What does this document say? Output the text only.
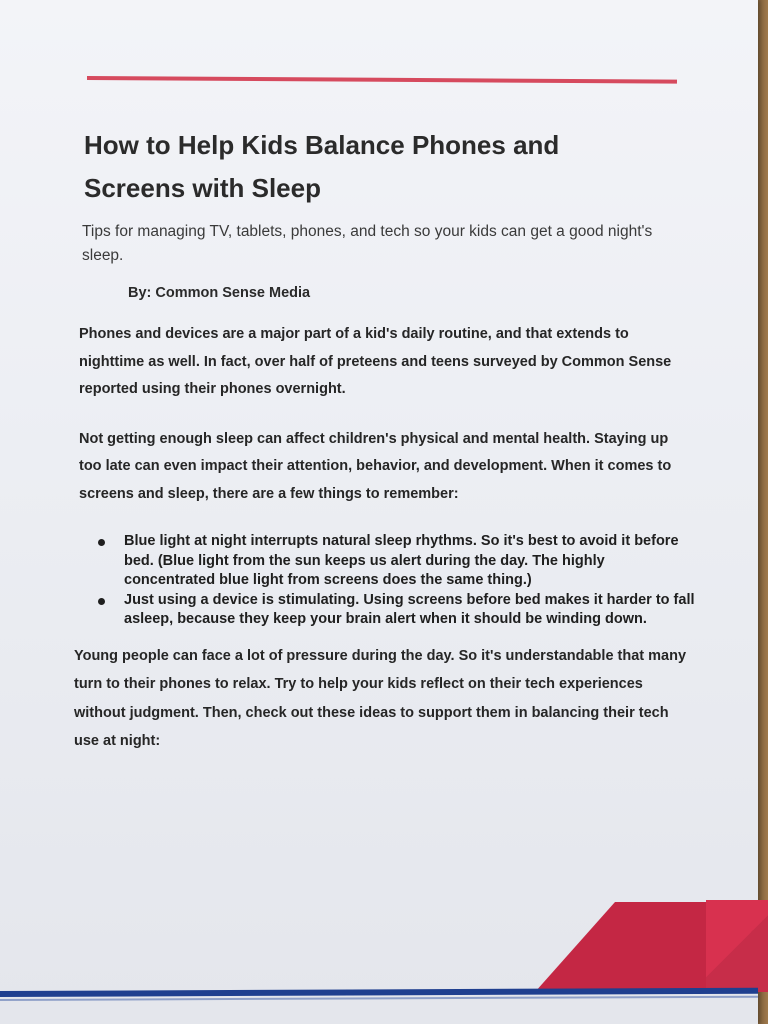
How to Help Kids Balance Phones and Screens with Sleep

Tips for managing TV, tablets, phones, and tech so your kids can get a good night's sleep.

By: Common Sense Media

Phones and devices are a major part of a kid's daily routine, and that extends to nighttime as well. In fact, over half of preteens and teens surveyed by Common Sense reported using their phones overnight.

Not getting enough sleep can affect children's physical and mental health. Staying up too late can even impact their attention, behavior, and development. When it comes to screens and sleep, there are a few things to remember:

Blue light at night interrupts natural sleep rhythms. So it's best to avoid it before bed. (Blue light from the sun keeps us alert during the day. The highly concentrated blue light from screens does the same thing.)
Just using a device is stimulating. Using screens before bed makes it harder to fall asleep, because they keep your brain alert when it should be winding down.

Young people can face a lot of pressure during the day. So it's understandable that many turn to their phones to relax. Try to help your kids reflect on their tech experiences without judgment. Then, check out these ideas to support them in balancing their tech use at night:
